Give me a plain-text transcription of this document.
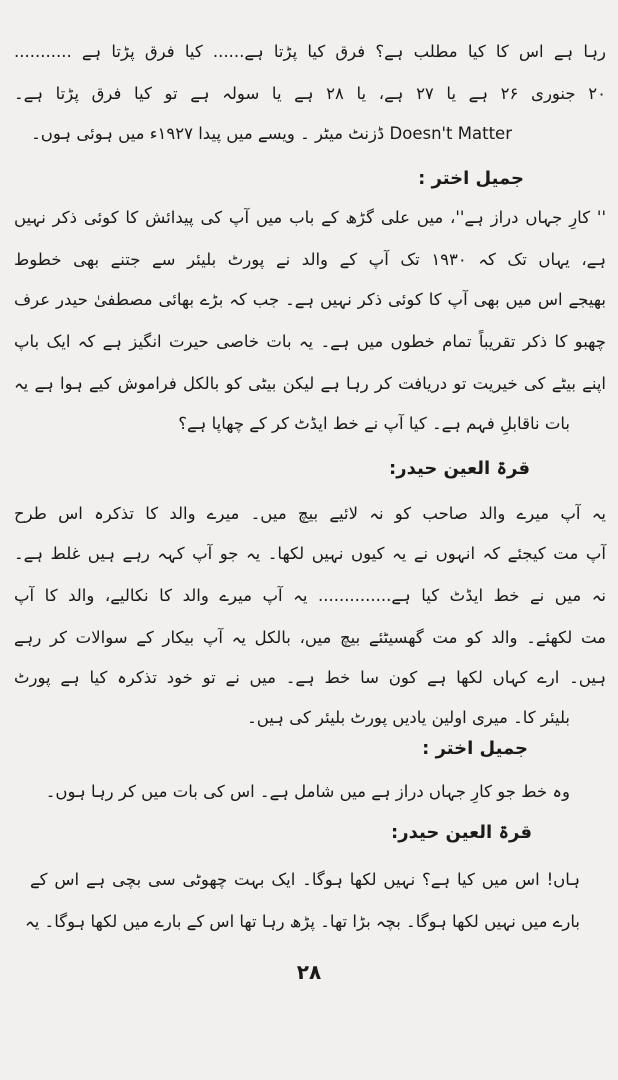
رہا ہے اس کا کیا مطلب ہے؟ فرق کیا پڑتا ہے...... کیا فرق پڑتا ہے ...........
۲۰ جنوری ۲۶ ہے یا ۲۷ ہے، یا ۲۸ ہے یا سولہ ہے تو کیا فرق پڑتا ہے۔
Doesn't Matter ڈزنٹ میٹر ۔ ویسے میں پیدا ۱۹۲۷ء میں ہوئی ہوں۔
جمیل اختر :
'' کارِ جہاں دراز ہے''، میں علی گڑھ کے باب میں آپ کی پیدائش کا کوئی ذکر نہیں
ہے، یہاں تک کہ ۱۹۳۰ تک آپ کے والد نے پورٹ بلیئر سے جتنے بھی خطوط
بھیجے اس میں بھی آپ کا کوئی ذکر نہیں ہے۔ جب کہ بڑے بھائی مصطفیٰ حیدر عرف
چھبو کا ذکر تقریباً تمام خطوں میں ہے۔ یہ بات خاصی حیرت انگیز ہے کہ ایک باپ
اپنے بیٹے کی خیریت تو دریافت کر رہا ہے لیکن بیٹی کو بالکل فراموش کیے ہوا ہے یہ
بات ناقابلِ فہم ہے۔ کیا آپ نے خط ایڈٹ کر کے چھاپا ہے؟
قرۃ العین حیدر:
یہ آپ میرے والد صاحب کو نہ لائیے بیچ میں۔ میرے والد کا تذکرہ اس طرح
آپ مت کیجئے کہ انہوں نے یہ کیوں نہیں لکھا۔ یہ جو آپ کہہ رہے ہیں غلط ہے۔
نہ میں نے خط ایڈٹ کیا ہے.............. یہ آپ میرے والد کا نکالیے، والد کا آپ
مت لکھئے۔ والد کو مت گھسیٹئے بیچ میں، بالکل یہ آپ بیکار کے سوالات کر رہے
ہیں۔ ارے کہاں لکھا ہے کون سا خط ہے۔ میں نے تو خود تذکرہ کیا ہے پورٹ
بلیئر کا۔ میری اولین یادیں پورٹ بلیئر کی ہیں۔
جمیل اختر :
وہ خط جو کارِ جہاں دراز ہے میں شامل ہے۔ اس کی بات میں کر رہا ہوں۔
قرۃ العین حیدر:
ہاں! اس میں کیا ہے؟ نہیں لکھا ہوگا۔ ایک بہت چھوٹی سی بچی ہے اس کے
بارے میں نہیں لکھا ہوگا۔ بچہ بڑا تھا۔ پڑھ رہا تھا اس کے بارے میں لکھا ہوگا۔ یہ
۲۸
